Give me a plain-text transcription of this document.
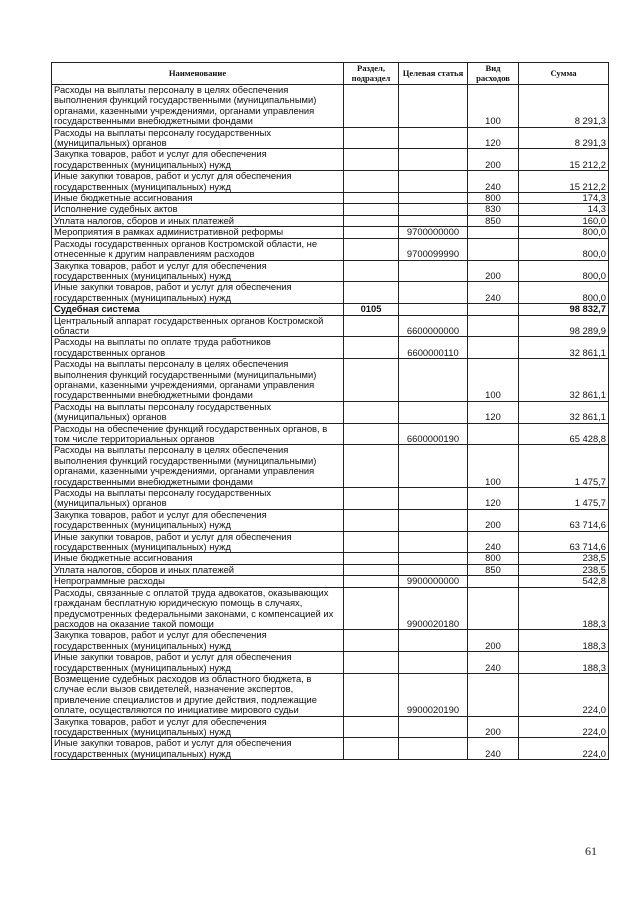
Наименование	Раздел, подраздел	Целевая статья	Вид расходов	Сумма
Расходы на выплаты персоналу в целях обеспечения выполнения функций государственными (муниципальными) органами, казенными учреждениями, органами управления государственными внебюджетными фондами			100	8 291,3
Расходы на выплаты персоналу государственных (муниципальных) органов			120	8 291,3
Закупка товаров, работ и услуг для обеспечения государственных (муниципальных) нужд			200	15 212,2
Иные закупки товаров, работ и услуг для обеспечения государственных (муниципальных) нужд			240	15 212,2
Иные бюджетные ассигнования			800	174,3
Исполнение судебных актов			830	14,3
Уплата налогов, сборов и иных платежей			850	160,0
Мероприятия в рамках административной реформы		9700000000		800,0
Расходы государственных органов Костромской области, не отнесенные к другим направлениям расходов		9700099990		800,0
Закупка товаров, работ и услуг для обеспечения государственных (муниципальных) нужд			200	800,0
Иные закупки товаров, работ и услуг для обеспечения государственных (муниципальных) нужд			240	800,0
Судебная система	0105			98 832,7
Центральный аппарат государственных органов Костромской области		6600000000		98 289,9
Расходы на выплаты по оплате труда работников государственных органов		6600000110		32 861,1
Расходы на выплаты персоналу в целях обеспечения выполнения функций государственными (муниципальными) органами, казенными учреждениями, органами управления государственными внебюджетными фондами			100	32 861,1
Расходы на выплаты персоналу государственных (муниципальных) органов			120	32 861,1
Расходы на обеспечение функций государственных органов, в том числе территориальных органов		6600000190		65 428,8
Расходы на выплаты персоналу в целях обеспечения выполнения функций государственными (муниципальными) органами, казенными учреждениями, органами управления государственными внебюджетными фондами			100	1 475,7
Расходы на выплаты персоналу государственных (муниципальных) органов			120	1 475,7
Закупка товаров, работ и услуг для обеспечения государственных (муниципальных) нужд			200	63 714,6
Иные закупки товаров, работ и услуг для обеспечения государственных (муниципальных) нужд			240	63 714,6
Иные бюджетные ассигнования			800	238,5
Уплата налогов, сборов и иных платежей			850	238,5
Непрограммные расходы		9900000000		542,8
Расходы, связанные с оплатой труда адвокатов, оказывающих гражданам бесплатную юридическую помощь в случаях, предусмотренных федеральными законами, с компенсацией их расходов на оказание такой помощи		9900020180		188,3
Закупка товаров, работ и услуг для обеспечения государственных (муниципальных) нужд			200	188,3
Иные закупки товаров, работ и услуг для обеспечения государственных (муниципальных) нужд			240	188,3
Возмещение судебных расходов из областного бюджета, в случае если вызов свидетелей, назначение экспертов, привлечение специалистов и другие действия, подлежащие оплате, осуществляются по инициативе мирового судьи		9900020190		224,0
Закупка товаров, работ и услуг для обеспечения государственных (муниципальных) нужд			200	224,0
Иные закупки товаров, работ и услуг для обеспечения государственных (муниципальных) нужд			240	224,0
61
